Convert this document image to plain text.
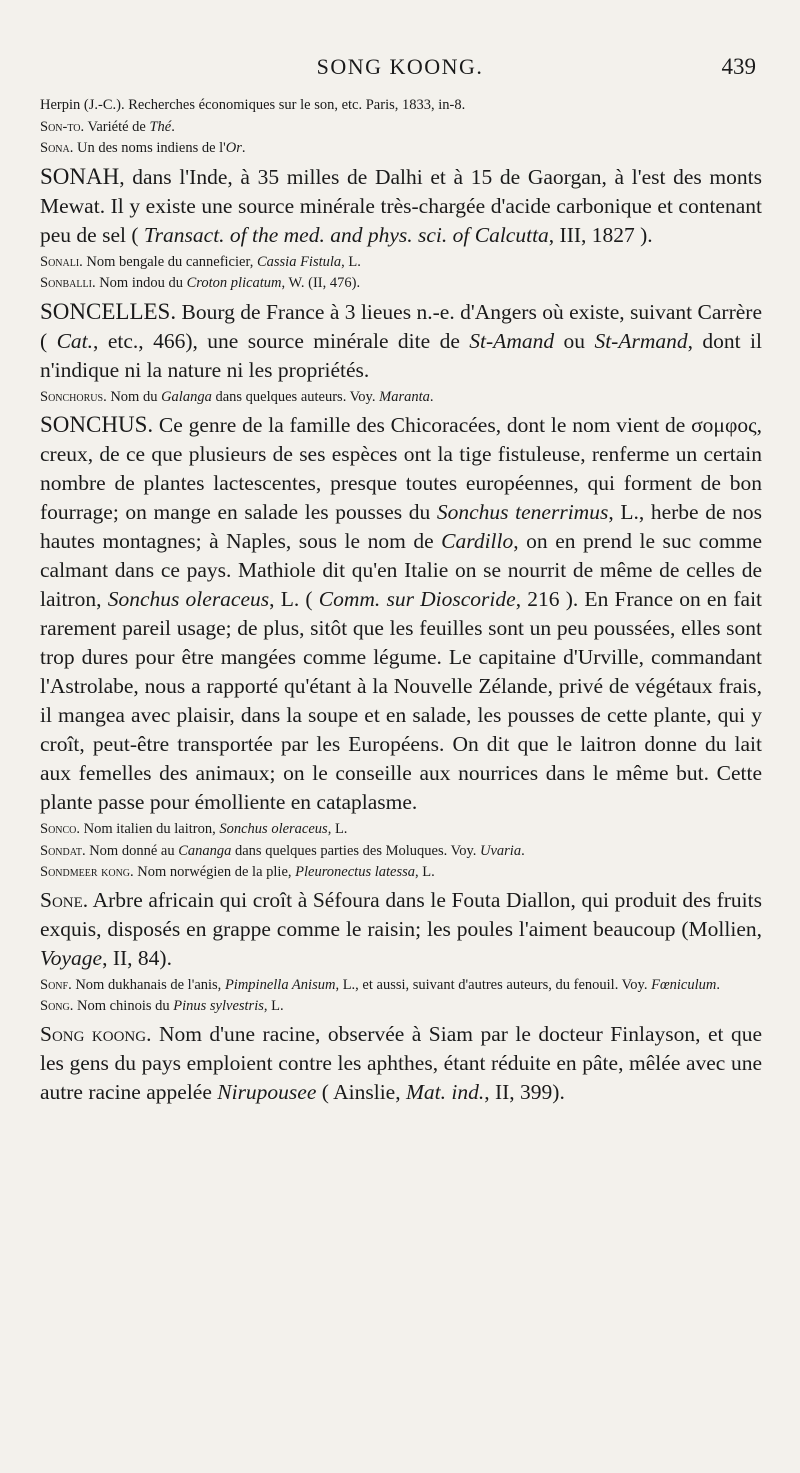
SONG KOONG.	439

Herpin (J.-C.). Recherches économiques sur le son, etc. Paris, 1833, in-8.

Son-to. Variété de Thé.

Sona. Un des noms indiens de l'Or.

SONAH, dans l'Inde, à 35 milles de Dalhi et à 15 de Gaorgan, à l'est des monts Mewat. Il y existe une source minérale très-chargée d'acide carbonique et contenant peu de sel ( Transact. of the med. and phys. sci. of Calcutta, III, 1827 ).

Sonali. Nom bengale du canneficier, Cassia Fistula, L.

Sonballi. Nom indou du Croton plicatum, W. (II, 476).

SONCELLES. Bourg de France à 3 lieues n.-e. d'Angers où existe, suivant Carrère ( Cat., etc., 466), une source minérale dite de St-Amand ou St-Armand, dont il n'indique ni la nature ni les propriétés.

Sonchorus. Nom du Galanga dans quelques auteurs. Voy. Maranta.

SONCHUS. Ce genre de la famille des Chicoracées, dont le nom vient de σομφος, creux, de ce que plusieurs de ses espèces ont la tige fistuleuse, renferme un certain nombre de plantes lactescentes, presque toutes européennes, qui forment de bon fourrage; on mange en salade les pousses du Sonchus tenerrimus, L., herbe de nos hautes montagnes; à Naples, sous le nom de Cardillo, on en prend le suc comme calmant dans ce pays. Mathiole dit qu'en Italie on se nourrit de même de celles de laitron, Sonchus oleraceus, L. ( Comm. sur Dioscoride, 216 ). En France on en fait rarement pareil usage; de plus, sitôt que les feuilles sont un peu poussées, elles sont trop dures pour être mangées comme légume. Le capitaine d'Urville, commandant l'Astrolabe, nous a rapporté qu'étant à la Nouvelle Zélande, privé de végétaux frais, il mangea avec plaisir, dans la soupe et en salade, les pousses de cette plante, qui y croît, peut-être transportée par les Européens. On dit que le laitron donne du lait aux femelles des animaux; on le conseille aux nourrices dans le même but. Cette plante passe pour émolliente en cataplasme.

Sonco. Nom italien du laitron, Sonchus oleraceus, L.

Sondat. Nom donné au Cananga dans quelques parties des Moluques. Voy. Uvaria.

Sondmeer kong. Nom norwégien de la plie, Pleuronectus latessa, L.

Sone. Arbre africain qui croît à Séfoura dans le Fouta Diallon, qui produit des fruits exquis, disposés en grappe comme le raisin; les poules l'aiment beaucoup (Mollien, Voyage, II, 84).

Sonf. Nom dukhanais de l'anis, Pimpinella Anisum, L., et aussi, suivant d'autres auteurs, du fenouil. Voy. Fœniculum.

Song. Nom chinois du Pinus sylvestris, L.

Song koong. Nom d'une racine, observée à Siam par le docteur Finlayson, et que les gens du pays emploient contre les aphthes, étant réduite en pâte, mêlée avec une autre racine appelée Nirupousee ( Ainslie, Mat. ind., II, 399).
